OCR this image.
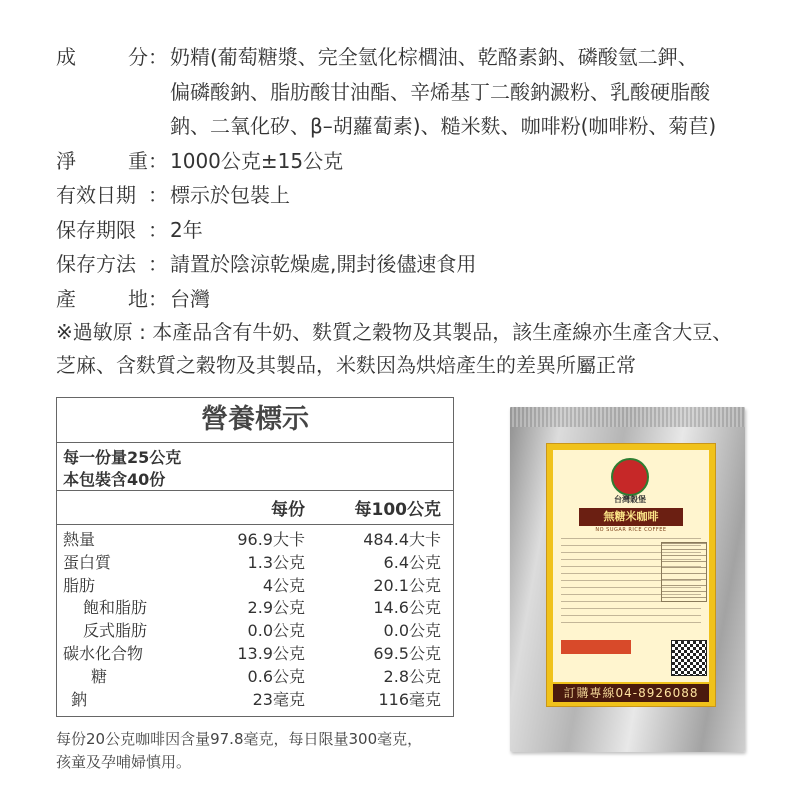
成	分 ： 奶精(葡萄糖漿、完全氫化棕櫚油、乾酪素鈉、磷酸氫二鉀、
偏磷酸鈉、脂肪酸甘油酯、辛烯基丁二酸鈉澱粉、乳酸硬脂酸
鈉、二氧化矽、β–胡蘿蔔素)、糙米麩、咖啡粉(咖啡粉、菊苣)
淨	重 ： 1000公克±15公克
有效日期 ： 標示於包裝上
保存期限 ： 2年
保存方法 ： 請置於陰涼乾燥處,開封後儘速食用
產	地 ： 台灣
※過敏原 : 本產品含有牛奶、麩質之穀物及其製品，該生產線亦生產含大豆、
芝麻、含麩質之穀物及其製品，米麩因為烘焙產生的差異所屬正常
營養標示
每一份量25公克
本包裝含40份
每份	每100公克
熱量	96.9大卡	484.4大卡
蛋白質	1.3公克	6.4公克
脂肪	4公克	20.1公克
飽和脂肪	2.9公克	14.6公克
反式脂肪	0.0公克	0.0公克
碳水化合物	13.9公克	69.5公克
糖	0.6公克	2.8公克
鈉	23毫克	116毫克
每份20公克咖啡因含量97.8毫克，每日限量300毫克，
孩童及孕哺婦慎用。
台灣穀堡
無糖米咖啡
NO SUGAR RICE COFFEE
訂購專線04-8926088
